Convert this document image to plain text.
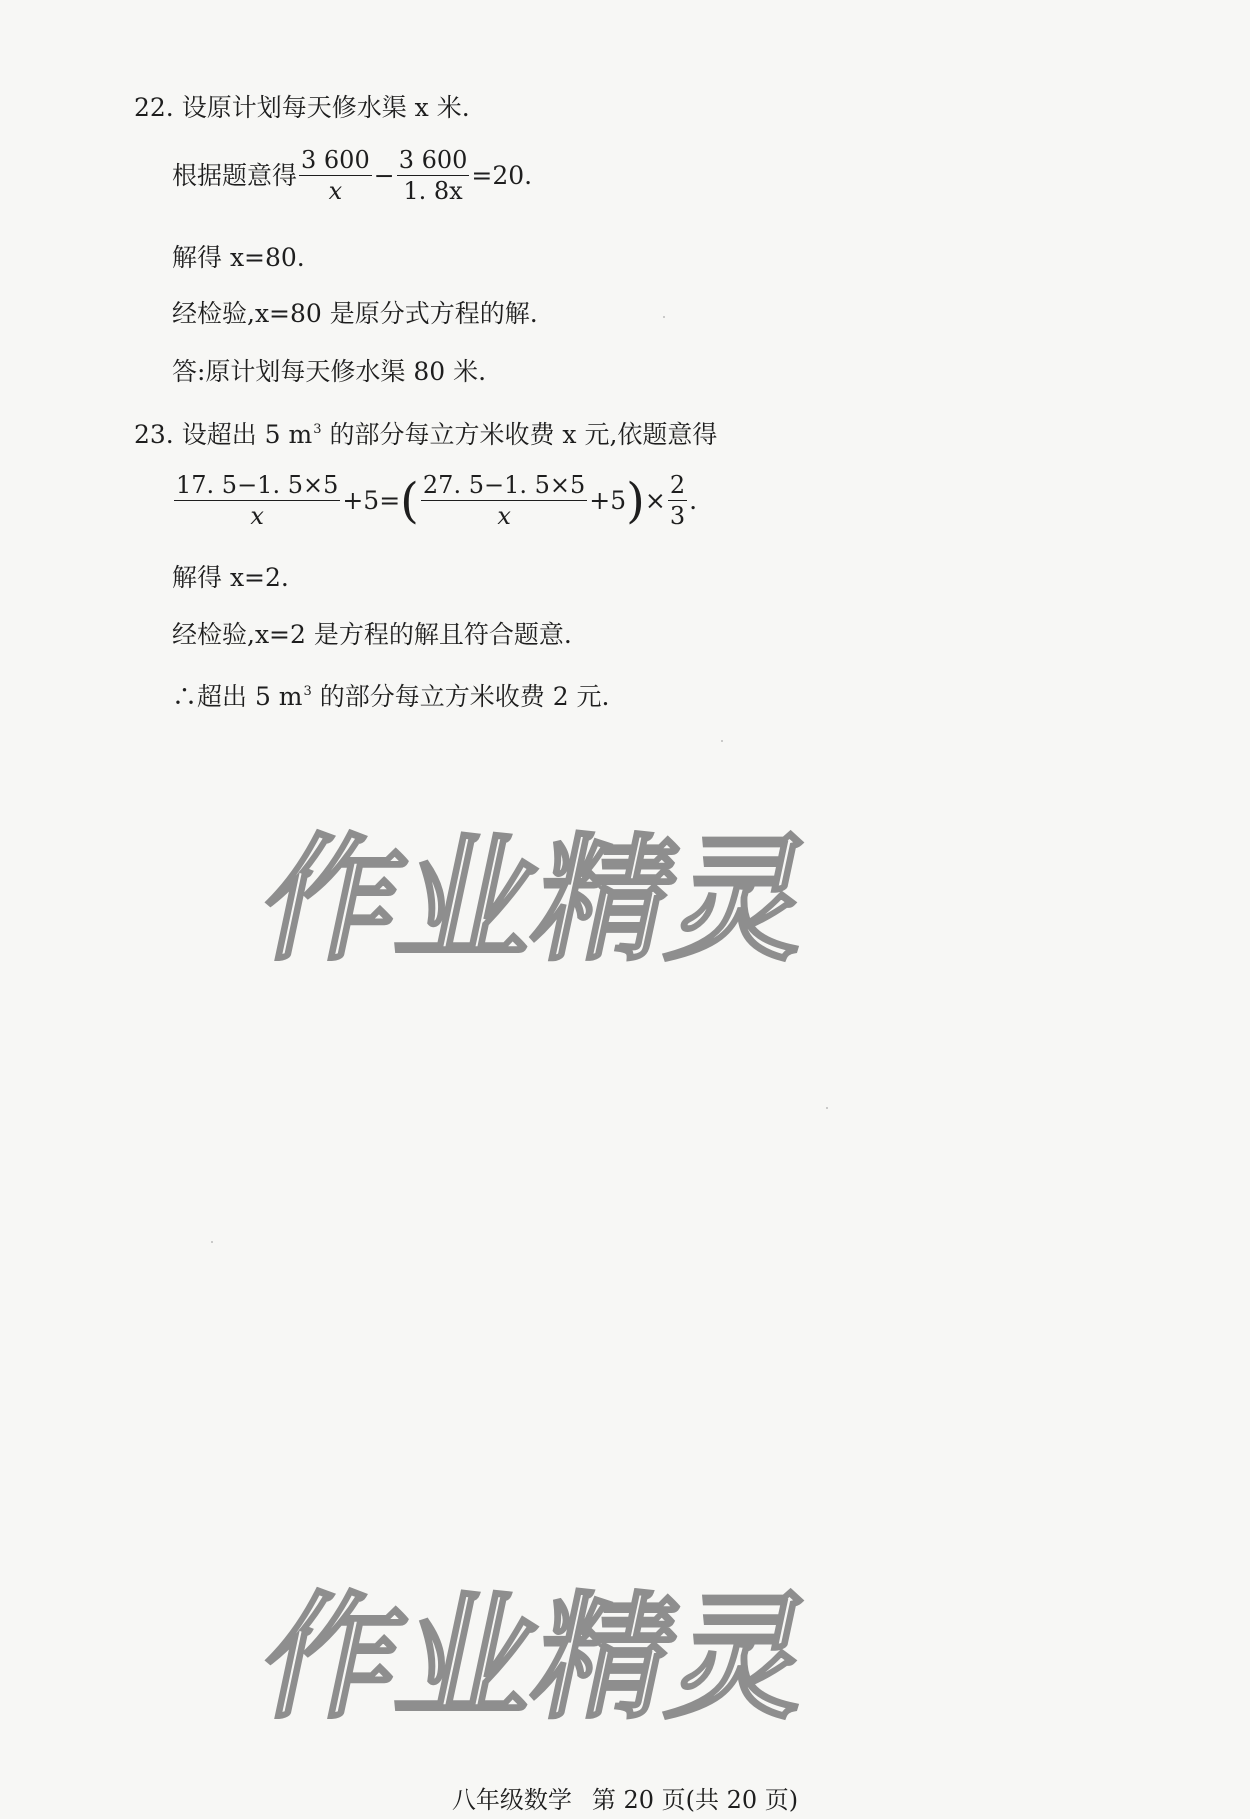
22. 设原计划每天修水渠 x 米.
根据题意得 $\frac{3 600}{x} - \frac{3 600}{1. 8x} =20$.
解得 x=80.
经检验,x=80 是原分式方程的解.
答:原计划每天修水渠 80 米.
23. 设超出 5 $m^3$ 的部分每立方米收费 x 元,依题意得
$\frac{17. 5-1. 5\times 5}{x} +5=$ ( $\frac{27. 5-1. 5\times 5}{x} +5$ ) × $\frac{2}{3}$ .
解得 x=2.
经检验,x=2 是方程的解且符合题意.
∴超出 5 $m^3$ 的部分每立方米收费 2 元.
作业精灵
作业精灵
八年级数学 第 20 页(共 20 页)
